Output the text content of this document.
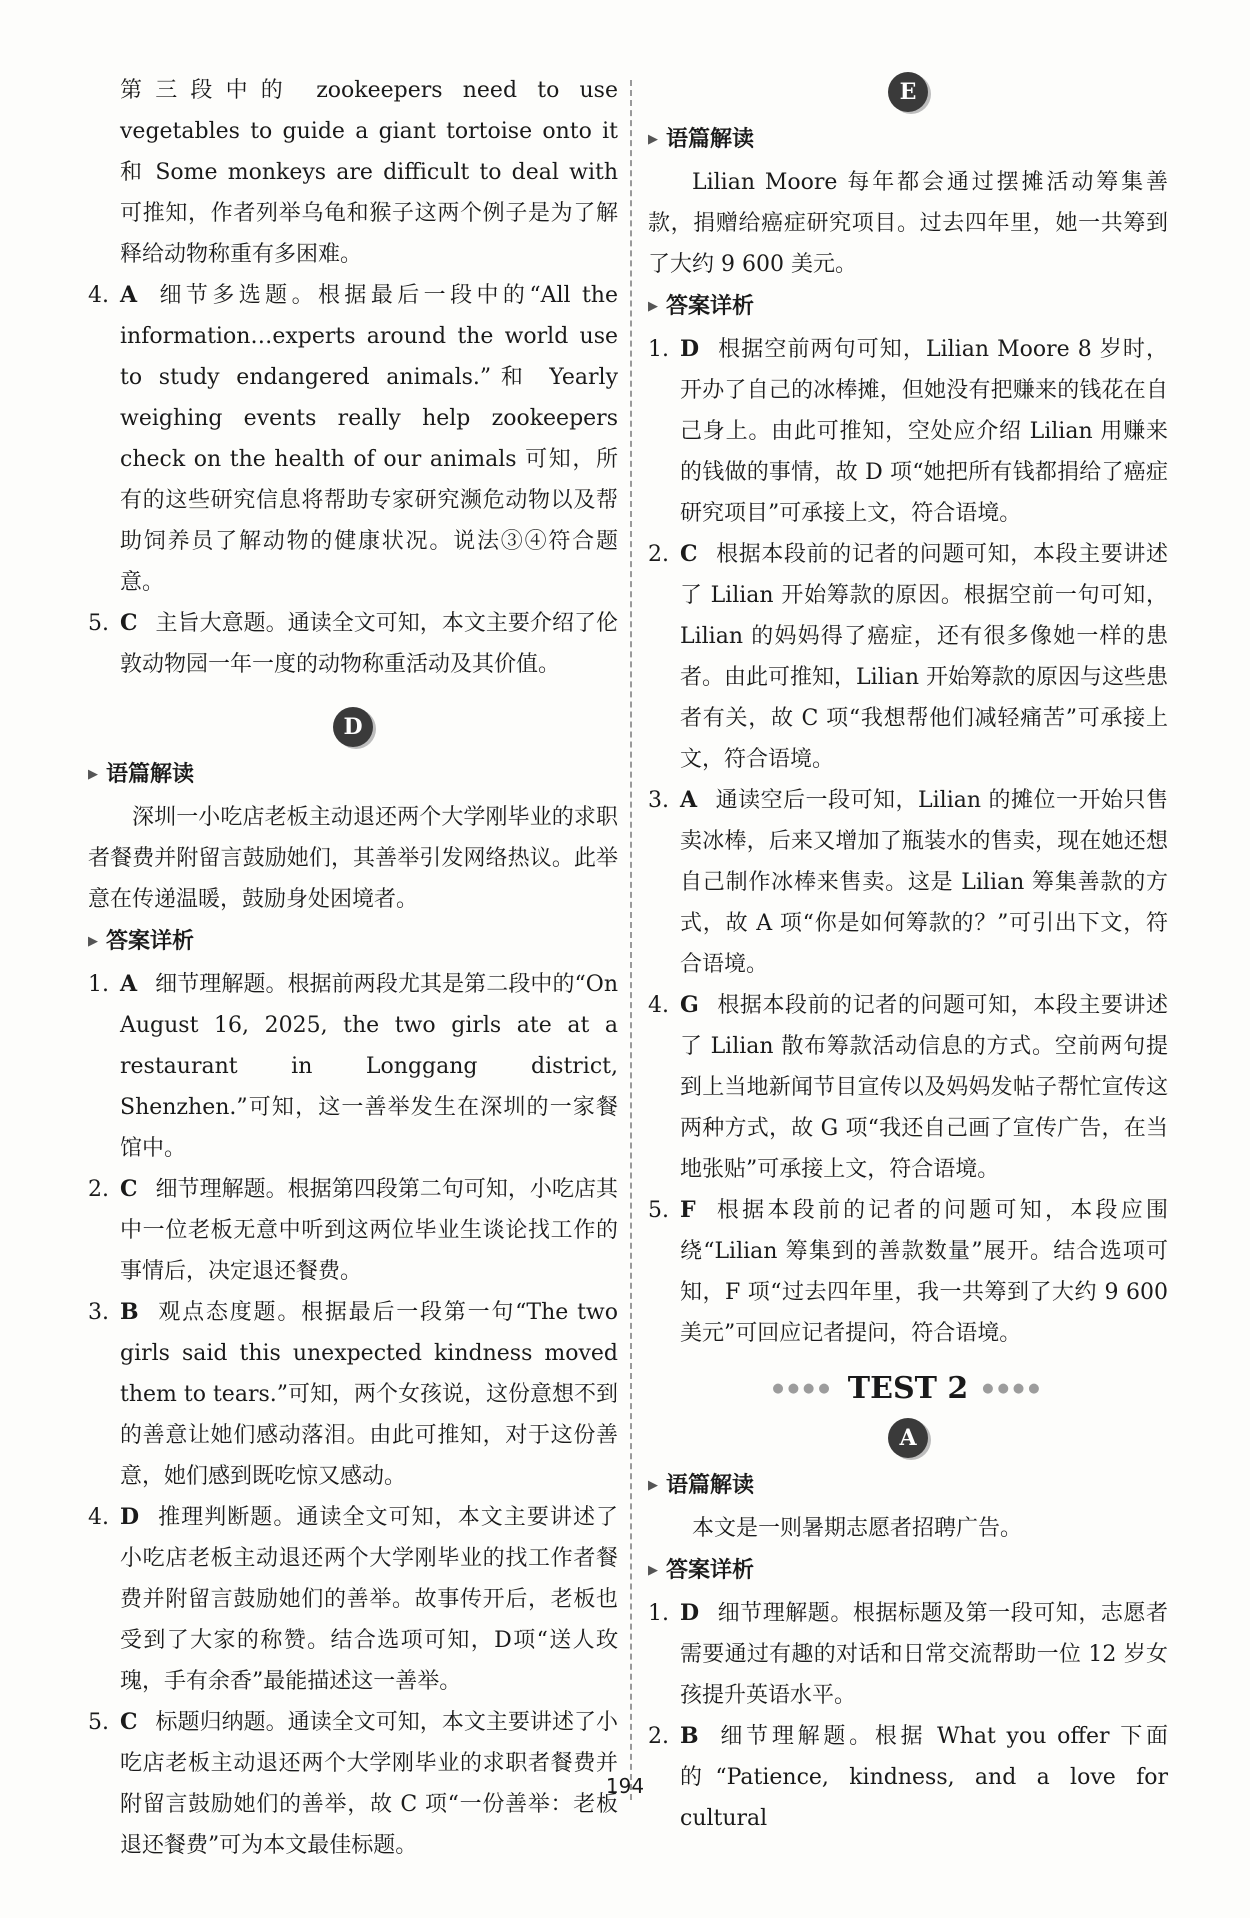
第三段中的 zookeepers need to use vegetables to guide a giant tortoise onto it 和 Some monkeys are difficult to deal with 可推知，作者列举乌龟和猴子这两个例子是为了解释给动物称重有多困难。

4. A 细节多选题。根据最后一段中的“All the information…experts around the world use to study endangered animals.”和 Yearly weighing events really help zookeepers check on the health of our animals 可知，所有的这些研究信息将帮助专家研究濒危动物以及帮助饲养员了解动物的健康状况。说法③④符合题意。
5. C 主旨大意题。通读全文可知，本文主要介绍了伦敦动物园一年一度的动物称重活动及其价值。
D

▶ 语篇解读

深圳一小吃店老板主动退还两个大学刚毕业的求职者餐费并附留言鼓励她们，其善举引发网络热议。此举意在传递温暖，鼓励身处困境者。

▶ 答案详析

1. A 细节理解题。根据前两段尤其是第二段中的“On August 16, 2025, the two girls ate at a restaurant in Longgang district, Shenzhen.”可知，这一善举发生在深圳的一家餐馆中。
2. C 细节理解题。根据第四段第二句可知，小吃店其中一位老板无意中听到这两位毕业生谈论找工作的事情后，决定退还餐费。
3. B 观点态度题。根据最后一段第一句“The two girls said this unexpected kindness moved them to tears.”可知，两个女孩说，这份意想不到的善意让她们感动落泪。由此可推知，对于这份善意，她们感到既吃惊又感动。
4. D 推理判断题。通读全文可知，本文主要讲述了小吃店老板主动退还两个大学刚毕业的找工作者餐费并附留言鼓励她们的善举。故事传开后，老板也受到了大家的称赞。结合选项可知，D项“送人玫瑰，手有余香”最能描述这一善举。
5. C 标题归纳题。通读全文可知，本文主要讲述了小吃店老板主动退还两个大学刚毕业的求职者餐费并附留言鼓励她们的善举，故 C 项“一份善举：老板退还餐费”可为本文最佳标题。
E

▶ 语篇解读

Lilian Moore 每年都会通过摆摊活动筹集善款，捐赠给癌症研究项目。过去四年里，她一共筹到了大约 9 600 美元。

▶ 答案详析

1. D 根据空前两句可知，Lilian Moore 8 岁时，开办了自己的冰棒摊，但她没有把赚来的钱花在自己身上。由此可推知，空处应介绍 Lilian 用赚来的钱做的事情，故 D 项“她把所有钱都捐给了癌症研究项目”可承接上文，符合语境。
2. C 根据本段前的记者的问题可知，本段主要讲述了 Lilian 开始筹款的原因。根据空前一句可知，Lilian 的妈妈得了癌症，还有很多像她一样的患者。由此可推知，Lilian 开始筹款的原因与这些患者有关，故 C 项“我想帮他们减轻痛苦”可承接上文，符合语境。
3. A 通读空后一段可知，Lilian 的摊位一开始只售卖冰棒，后来又增加了瓶装水的售卖，现在她还想自己制作冰棒来售卖。这是 Lilian 筹集善款的方式，故 A 项“你是如何筹款的？”可引出下文，符合语境。
4. G 根据本段前的记者的问题可知，本段主要讲述了 Lilian 散布筹款活动信息的方式。空前两句提到上当地新闻节目宣传以及妈妈发帖子帮忙宣传这两种方式，故 G 项“我还自己画了宣传广告，在当地张贴”可承接上文，符合语境。
5. F 根据本段前的记者的问题可知，本段应围绕“Lilian 筹集到的善款数量”展开。结合选项可知，F 项“过去四年里，我一共筹到了大约 9 600 美元”可回应记者提问，符合语境。
●●●● TEST 2 ●●●●
A

▶ 语篇解读

本文是一则暑期志愿者招聘广告。

▶ 答案详析

1. D 细节理解题。根据标题及第一段可知，志愿者需要通过有趣的对话和日常交流帮助一位 12 岁女孩提升英语水平。
2. B 细节理解题。根据 What you offer 下面的“Patience, kindness, and a love for cultural
194
